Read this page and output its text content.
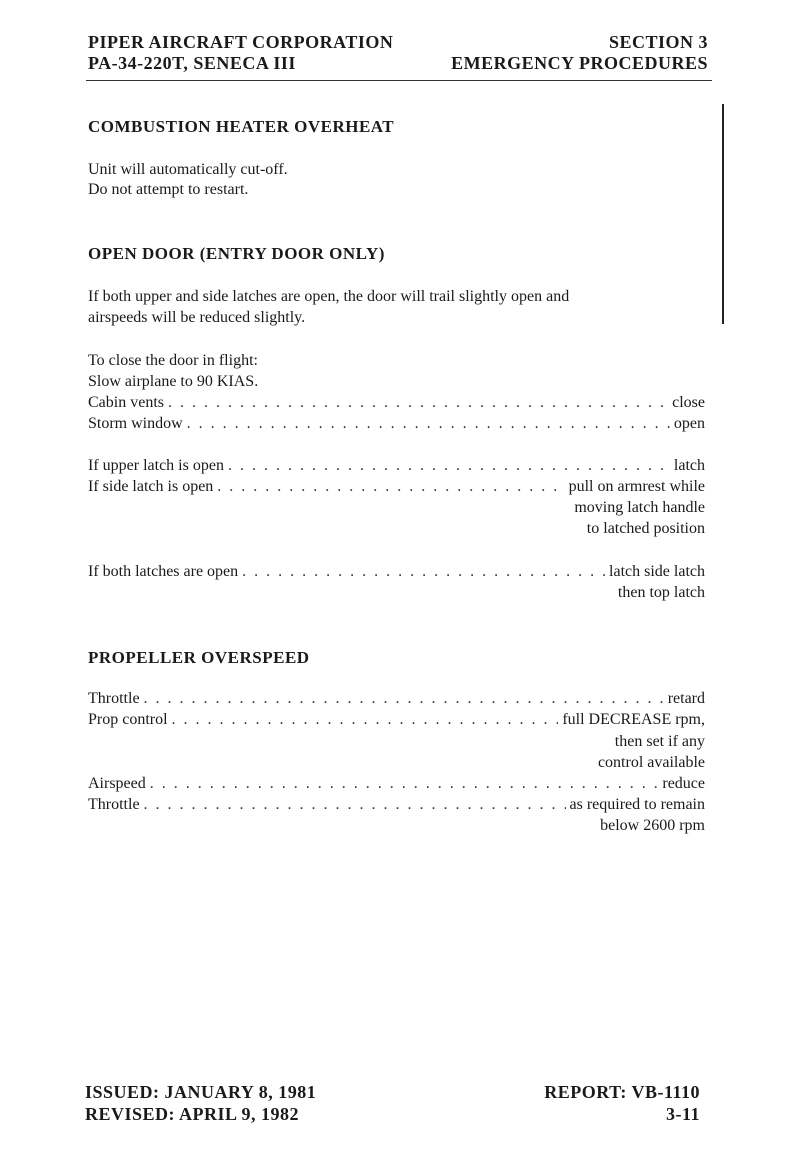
PIPER AIRCRAFT CORPORATION	SECTION 3
PA-34-220T, SENECA III	EMERGENCY PROCEDURES
COMBUSTION HEATER OVERHEAT
Unit will automatically cut-off.
Do not attempt to restart.
OPEN DOOR (ENTRY DOOR ONLY)
If both upper and side latches are open, the door will trail slightly open and
airspeeds will be reduced slightly.
To close the door in flight:
Slow airplane to 90 KIAS.
Cabin vents . . .	close
Storm window . . .	open
If upper latch is open . . .	latch
If side latch is open . . .	pull on armrest while
moving latch handle
to latched position
If both latches are open . . .	latch side latch
then top latch
PROPELLER OVERSPEED
Throttle . . .	retard
Prop control . . .	full DECREASE rpm,
then set if any
control available
Airspeed . . .	reduce
Throttle . . .	as required to remain
below 2600 rpm
ISSUED: JANUARY 8, 1981
REVISED: APRIL 9, 1982
REPORT: VB-1110
3-11
